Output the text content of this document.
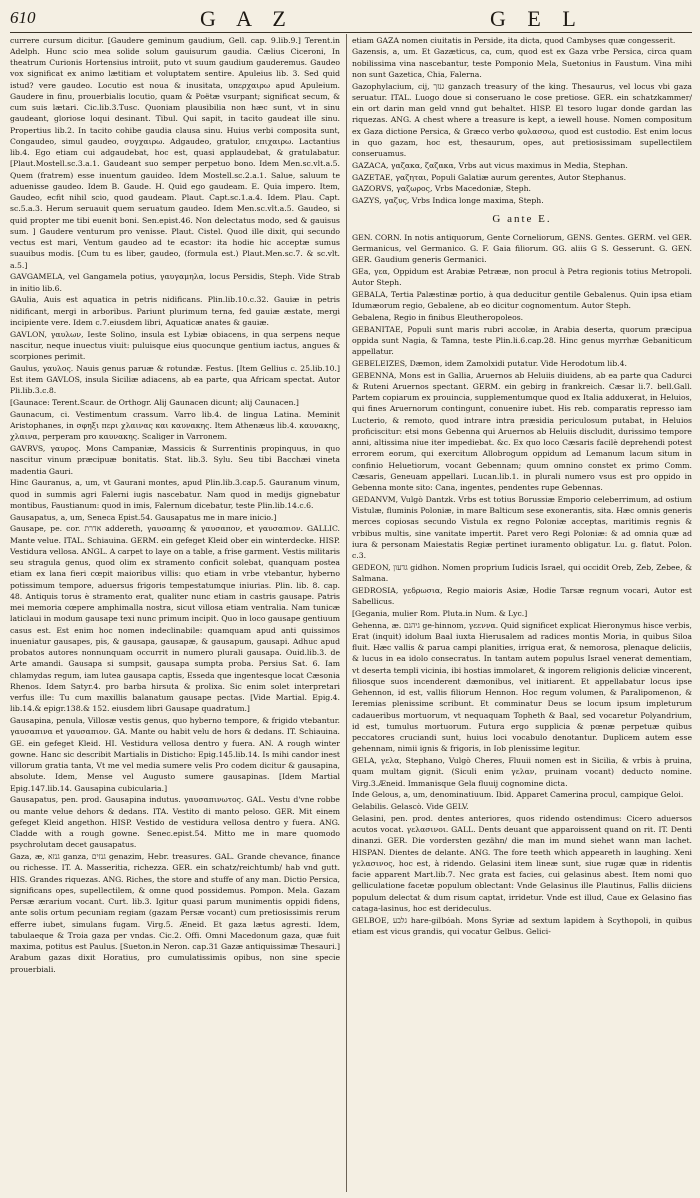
610	G A Z	G E L

currere cursum dicitur. [Gaudere geminum gaudium, Gell. cap. 9.lib.9.] Terent.in Adelph. Hunc scio mea solide solum gauisurum gaudia. Cælius Ciceroni, In theatrum Curionis Hortensius introiit, puto vt suum gaudium gauderemus. Gaudeo vox significat ex animo lætitiam et voluptatem sentire. Apuleius lib. 3. Sed quid istud? vere gaudeo. Locutio est noua & inusitata, υπερχαιρω apud Apuleium. Gaudere in finu, prouerbialis locutio, quam & Poëtæ vsurpant; significat secum, & cum suis lætari. Cic.lib.3.Tusc. Quoniam plausibilia non hæc sunt, vt in sinu gaudeant, gloriose loqui desinant. Tibul. Qui sapit, in tacito gaudeat ille sinu. Propertius lib.2. In tacito cohibe gaudia clausa sinu. Huius verbi composita sunt, Congaudeo, simul gaudeo, συγχαιρω. Adgaudeo, gratulor, επιχαιρω. Lactantius lib.4. Ego etiam cui adgaudebat, hoc est, quasi applaudebat, & gratulabatur. [Plaut.Mostell.sc.3.a.1. Gaudeant suo semper perpetuo bono. Idem Men.sc.vlt.a.5. Quem (fratrem) esse inuentum gauideo. Idem Mostell.sc.2.a.1. Salue, saluum te aduenisse gaudeo. Idem B. Gaude. H. Quid ego gaudeam. E. Quia impero. Item, Gaudeo, ecfit nihil scio, quod gaudeam. Plaut. Capt.sc.1.a.4. Idem. Plau. Capt. sc.5.a.3. Herum seruauit quem seruatum gaudeo. Idem Men.sc.vlt.a.5. Gaudeo, si quid propter me tibi euenit boni. Sen.epist.46. Non delectatus modo, sed & gauisus sum. ] Gaudere venturum pro venisse. Plaut. Cistel. Quod ille dixit, qui secundo vectus est mari, Ventum gaudeo ad te ecastor: ita hodie hic acceptæ sumus suauibus modis. [Cum tu es liber, gaudeo, (formula est.) Plaut.Men.sc.7. & sc.vlt. a.5.]

GAVGAMELA, vel Gangamela potius, γαυγαμηλα, locus Persidis, Steph. Vide Strab in initio lib.6.

GAulia, Auis est aquatica in petris nidificans. Plin.lib.10.c.32. Gauiæ in petris nidificant, mergi in arboribus. Pariunt plurimum terna, fed gauiæ æstate, mergi incipiente vere. Idem c.7.eiusdem libri, Aquaticæ anates & gauiæ.

GAVLON, γαυλων, Ieste Solino, insula est Lybiæ obiacens, in qua serpens neque nascitur, neque inuectus viuit: puluisque eius quocunque gentium iactus, angues & scorpiones perimit.

Gaulus, γαυλος. Nauis genus paruæ & rotundæ. Festus. [Item Gellius c. 25.lib.10.] Est item GAVLOS, insula Siciliæ adiacens, ab ea parte, qua Africam spectat. Autor Pli.lib.3.c.8.

[Gaunace: Terent.Scaur. de Orthogr. Alij Gaunacen dicunt; alij Caunacen.]

Gaunacum, ci. Vestimentum crassum. Varro lib.4. de lingua Latina. Meminit Aristophanes, in σφηξι περι χλαινας και καυνακης. Item Athenæus lib.4. καυνακης, χλαινα, perperam pro καυνακης. Scaliger in Varronem.

GAVRVS, γαυρος. Mons Campaniæ, Massicis & Surrentinis propinquus, in quo nascitur vinum præcipuæ bonitatis. Stat. lib.3. Sylu. Seu tibi Bacchæi vineta madentia Gauri.

Hinc Gauranus, a, um, vt Gaurani montes, apud Plin.lib.3.cap.5. Gauranum vinum, quod in summis agri Falerni iugis nascebatur. Nam quod in medijs gignebatur montibus, Faustianum: quod in imis, Falernum dicebatur, teste Plin.lib.14.c.6.

Gausapatus, a, um, Seneca Epist.54. Gausapatus me in mare inicio.]

Gausape, pe. cor. אדרת addereth, γαυσαπης & γαυσαπον, et γαυσαπιον. GALLIC. Mante velue. ITAL. Schiauina. GERM. ein gefeget Kleid ober ein winterdecke. HISP. Vestidura vellosa. ANGL. A carpet to laye on a table, a frise garment. Vestis militaris seu stragula genus, quod olim ex stramento conficit solebat, quanquam postea etiam ex lana fieri cœpit maioribus villis: quo etiam in vrbe vtebantur, hyberno potissimum tempore, aduersus frigoris tempestatumque iniurias. Plin. lib. 8. cap. 48. Antiquis torus è stramento erat, qualiter nunc etiam in castris gausape. Patris mei memoria cœpere amphimalla nostra, sicut villosa etiam ventralia. Nam tunicæ laticlaui in modum gausape texi nunc primum incipit. Quo in loco gausape gentiuum casus est. Est enim hoc nomen indeclinabile: quamquam apud anti quissimos inueniatur gausapes, pis, & gausapa, gausapæ, & gausapum, gausapi. Adhuc apud probatos autores nonnunquam occurrit in numero plurali gausapa. Ouid.lib.3. de Arte amandi. Gausapa si sumpsit, gausapa sumpta proba. Persius Sat. 6. Iam chlamydas regum, iam lutea gausapa captis, Esseda que ingentesque locat Cæsonia Rhenos. Idem Satyr.4. pro barba hirsuta & prolixa. Sic enim solet interpretari verfus ille: Tu cum maxillis balanatum gausape pectas. [Vide Martial. Epig.4. lib.14.& epigr.138.& 152. eiusdem libri Gausape quadratum.]

Gausapina, penula, Villosæ vestis genus, quo hyberno tempore, & frigido vtebantur. γαυσαπινα et γαυσαπιον. GA. Mante ou habit velu de hors & dedans. IT. Schiauina. GE. ein gefeget Kleid. HI. Vestidura vellosa dentro y fuera. AN. A rough winter gowne. Hanc sic describit Martialis in Disticho: Epig.145.lib.14. Is mihi candor inest villorum gratia tanta, Vt me vel media sumere velis Pro codem dicitur & gausapina, absolute. Idem, Mense vel Augusto sumere gausapinas. [Idem Martial Epig.147.lib.14. Gausapina cubicularia.]

Gausapatus, pen. prod. Gausapina indutus. γαυσαπινωτος. GAL. Vestu d'vne robbe ou mante velue dehors & dedans. ITA. Vestito di manto peloso. GER. Mit einem gefeget Kleid angethon. HISP. Vestido de vestidura vellosa dentro y fuera. ANG. Cladde with a rough gowne. Senec.epist.54. Mitto me in mare quomodo psychrolutam decet gausapatus.

Gaza, æ, גנזא ganza, גנזים genazim, Hebr. treasures. GAL. Grande chevance, finance ou richesse. IT. A. Masseritia, richezza. GER. ein schatz/reichtumb/ hab vnd gutt. HIS. Grandes riquezas. ANG. Riches, the store and stuffe of any man. Dictio Persica, significans opes, supellectilem, & omne quod possidemus. Pompon. Mela. Gazam Persæ ærarium vocant. Curt. lib.3. Igitur quasi parum munimentis oppidi fidens, ante solis ortum pecuniam regiam (gazam Persæ vocant) cum pretiosissimis rerum efferre iubet, simulans fugam. Virg.5. Æneid. Et gaza lætus agresti. Idem, tabulaeque & Troia gaza per vndas. Cic.2. Offi. Omni Macedonum gaza, quæ fuit maxima, potitus est Paulus. [Sueton.in Neron. cap.31 Gazæ antiquissimæ Thesauri.] Arabum gazas dixit Horatius, pro cumulatissimis opibus, non sine specie prouerbiali.

etiam GAZA nomen ciuitatis in Perside, ita dicta, quod Cambyses quæ congesserit.

Gazensis, a, um. Et Gazæticus, ca, cum, quod est ex Gaza vrbe Persica, circa quam nobilissima vina nascebantur, teste Pomponio Mela, Suetonius in Faustum. Vina mihi non sunt Gazetica, Chia, Falerna.

Gazophylacium, cij, גנזך ganzach treasury of the king. Thesaurus, vel locus vbi gaza seruatur. ITAL. Luogo doue si conseruano le cose pretiose. GER. ein schatzkammer/ ein ort darin man geld vnnd gut behaltet. HISP. El tesoro lugar donde gardan las riquezas. ANG. A chest where a treasure is kept, a iewell house. Nomen compositum ex Gaza dictione Persica, & Græco verbo φυλασσω, quod est custodio. Est enim locus in quo gazam, hoc est, thesaurum, opes, aut pretiosissimam supellectilem conseruamus.

GAZACA, γαζακα, ζαζακα, Vrbs aut vicus maximus in Media, Stephan.

GAZETAE, γαζηται, Populi Galatiæ aurum gerentes, Autor Stephanus.

GAZORVS, γαζωρος, Vrbs Macedoniæ, Steph.

GAZYS, γαζυς, Vrbs Indica longe maxima, Steph.

G ante E.

GEN. CORN. In notis antiquorum, Gente Corneliorum, GENS. Gentes. GERM. vel GER. Germanicus, vel Germanico. G. F. Gaia filiorum. GG. aliis G S. Gesserunt. G. GEN. GER. Gaudium generis Germanici.

GEa, γεα, Oppidum est Arabiæ Petrææ, non procul à Petra regionis totius Metropoli. Autor Steph.

GEBALA, Tertia Palæstinæ portio, à qua deducitur gentile Gebalenus. Quin ipsa etiam Idumæorum regio, Gebalene, ab eo dicitur cognomentum. Autor Steph.

Gebalena, Regio in finibus Eleutheropoleos.

GEBANITAE, Populi sunt maris rubri accolæ, in Arabia deserta, quorum præcipua oppida sunt Nagia, & Tamna, teste Plin.li.6.cap.28. Hinc genus myrrhæ Gebaniticum appellatur.

GEBELEIZES, Dæmon, idem Zamolxidi putatur. Vide Herodotum lib.4.

GEBENNA, Mons est in Gallia, Aruernos ab Heluiis diuidens, ab ea parte qua Cadurci & Ruteni Aruernos spectant. GERM. ein gebirg in frankreich. Cæsar li.7. bell.Gall. Partem copiarum ex prouincia, supplementumque quod ex Italia adduxerat, in Heluios, qui fines Aruernorum contingunt, conuenire iubet. His reb. comparatis represso iam Lucterio, & remoto, quod intrare intra præsidia periculosum putabat, in Heluios proficiscitur: etsi mons Gebenna qui Aruernos ab Heluiis discludit, durissimo tempore anni, altissima niue iter impediebat. &c. Ex quo loco Cæsaris facilè deprehendi potest errorem eorum, qui exercitum Allobrogum oppidum ad Lemanum lacum situm in confinio Heluetiorum, vocant Gebennam; quum omnino constet ex primo Comm. Cæsaris, Geneuam appellari. Lucan.lib.1. in plurali numero vsus est pro oppido in Gebenna monte sito: Cana, ingentes, pendentes rupe Gebennas.

GEDANVM, Vulgò Dantzk. Vrbs est totius Borussiæ Emporio celeberrimum, ad ostium Vistulæ, fluminis Poloniæ, in mare Balticum sese exonerantis, sita. Hæc omnis generis merces copiosas secundo Vistula ex regno Poloniæ acceptas, maritimis regnis & vrbibus multis, sine vanitate impertit. Paret vero Regi Poloniæ: & ad omnia quæ ad iura & personam Maiestatis Regiæ pertinet iuramento obligatur. Lu. g. flatut. Polon. c.3.

GEDEON, גדעון gidhon. Nomen proprium Iudicis Israel, qui occidit Oreb, Zeb, Zebee, & Salmana.

GEDROSIA, γεδρωσια, Regio maioris Asiæ, Hodie Tarsæ regnum vocari, Autor est Sabellicus.

[Gegania, mulier Rom. Pluta.in Num. & Lyc.]

Gehenna, æ. גיהנם ge-hinnom, γεεννα. Quid significet explicat Hieronymus hisce verbis, Erat (inquit) idolum Baal iuxta Hierusalem ad radices montis Moria, in quibus Siloa fluit. Hæc vallis & parua campi planities, irrigua erat, & nemorosa, plenaque deliciis, & lucus in ea idolo consecratus. In tantam autem populus Israel venerat dementiam, vt deserta templi vicinia, ibi hostias immolaret, & ingorem religionis deliciæ vincerent, filiosque suos incenderent dæmonibus, vel initiarent. Et appellabatur locus ipse Gehennon, id est, vallis filiorum Hennon. Hoc regum volumen, & Paralipomenon, & Ieremias plenissime scribunt. Et comminatur Deus se locum ipsum impleturum cadaueribus mortuorum, vt nequaquam Topheth & Baal, sed vocaretur Polyandrium, id est, tumulus mortuorum. Futura ergo supplicia & pœnæ perpetuæ quibus peccatores cruciandi sunt, huius loci vocabulo denotantur. Duplicem autem esse gehennam, nimii ignis & frigoris, in Iob plenissime legitur.

GELA, γελα, Stephano, Vulgò Cheres, Fluuii nomen est in Sicilia, & vrbis à pruina, quam multam gignit. (Siculi enim γελαν, pruinam vocant) deducto nomine. Virg.3.Æneid. Immanisque Gela fluuij cognomine dicta.

Inde Gelous, a, um, denominatiuum. Ibid. Apparet Camerina procul, campique Geloi.

Gelabilis. Gelascò. Vide GELV.

Gelasini, pen. prod. dentes anteriores, quos ridendo ostendimus: Cicero aduersos acutos vocat. γελασινοι. GALL. Dents deuant que apparoissent quand on rit. IT. Denti dinanzi. GER. Die vordersten gezähn/ die man im mund siehet wann man lachet. HISPAN. Dientes de delante. ANG. The fore teeth which appeareth in laughing. Xeni γελασινος, hoc est, à ridendo. Gelasini item lineæ sunt, siue rugæ quæ in ridentis facie apparent Mart.lib.7. Nec grata est facies, cui gelasinus abest. Item nomi quo gelliculatione facetæ populum oblectant: Vnde Gelasinus ille Plautinus, Fallis diiciens populum delectat & dum risum captat, irridetur. Vnde est illud, Caue ex Gelasino fias cataga-lasinus, hoc est derideculus.

GELBOE, גלבע hare-gilbóah. Mons Syriæ ad sextum lapidem à Scythopoli, in quibus etiam est vicus grandis, qui vocatur Gelbus. Gelici-
